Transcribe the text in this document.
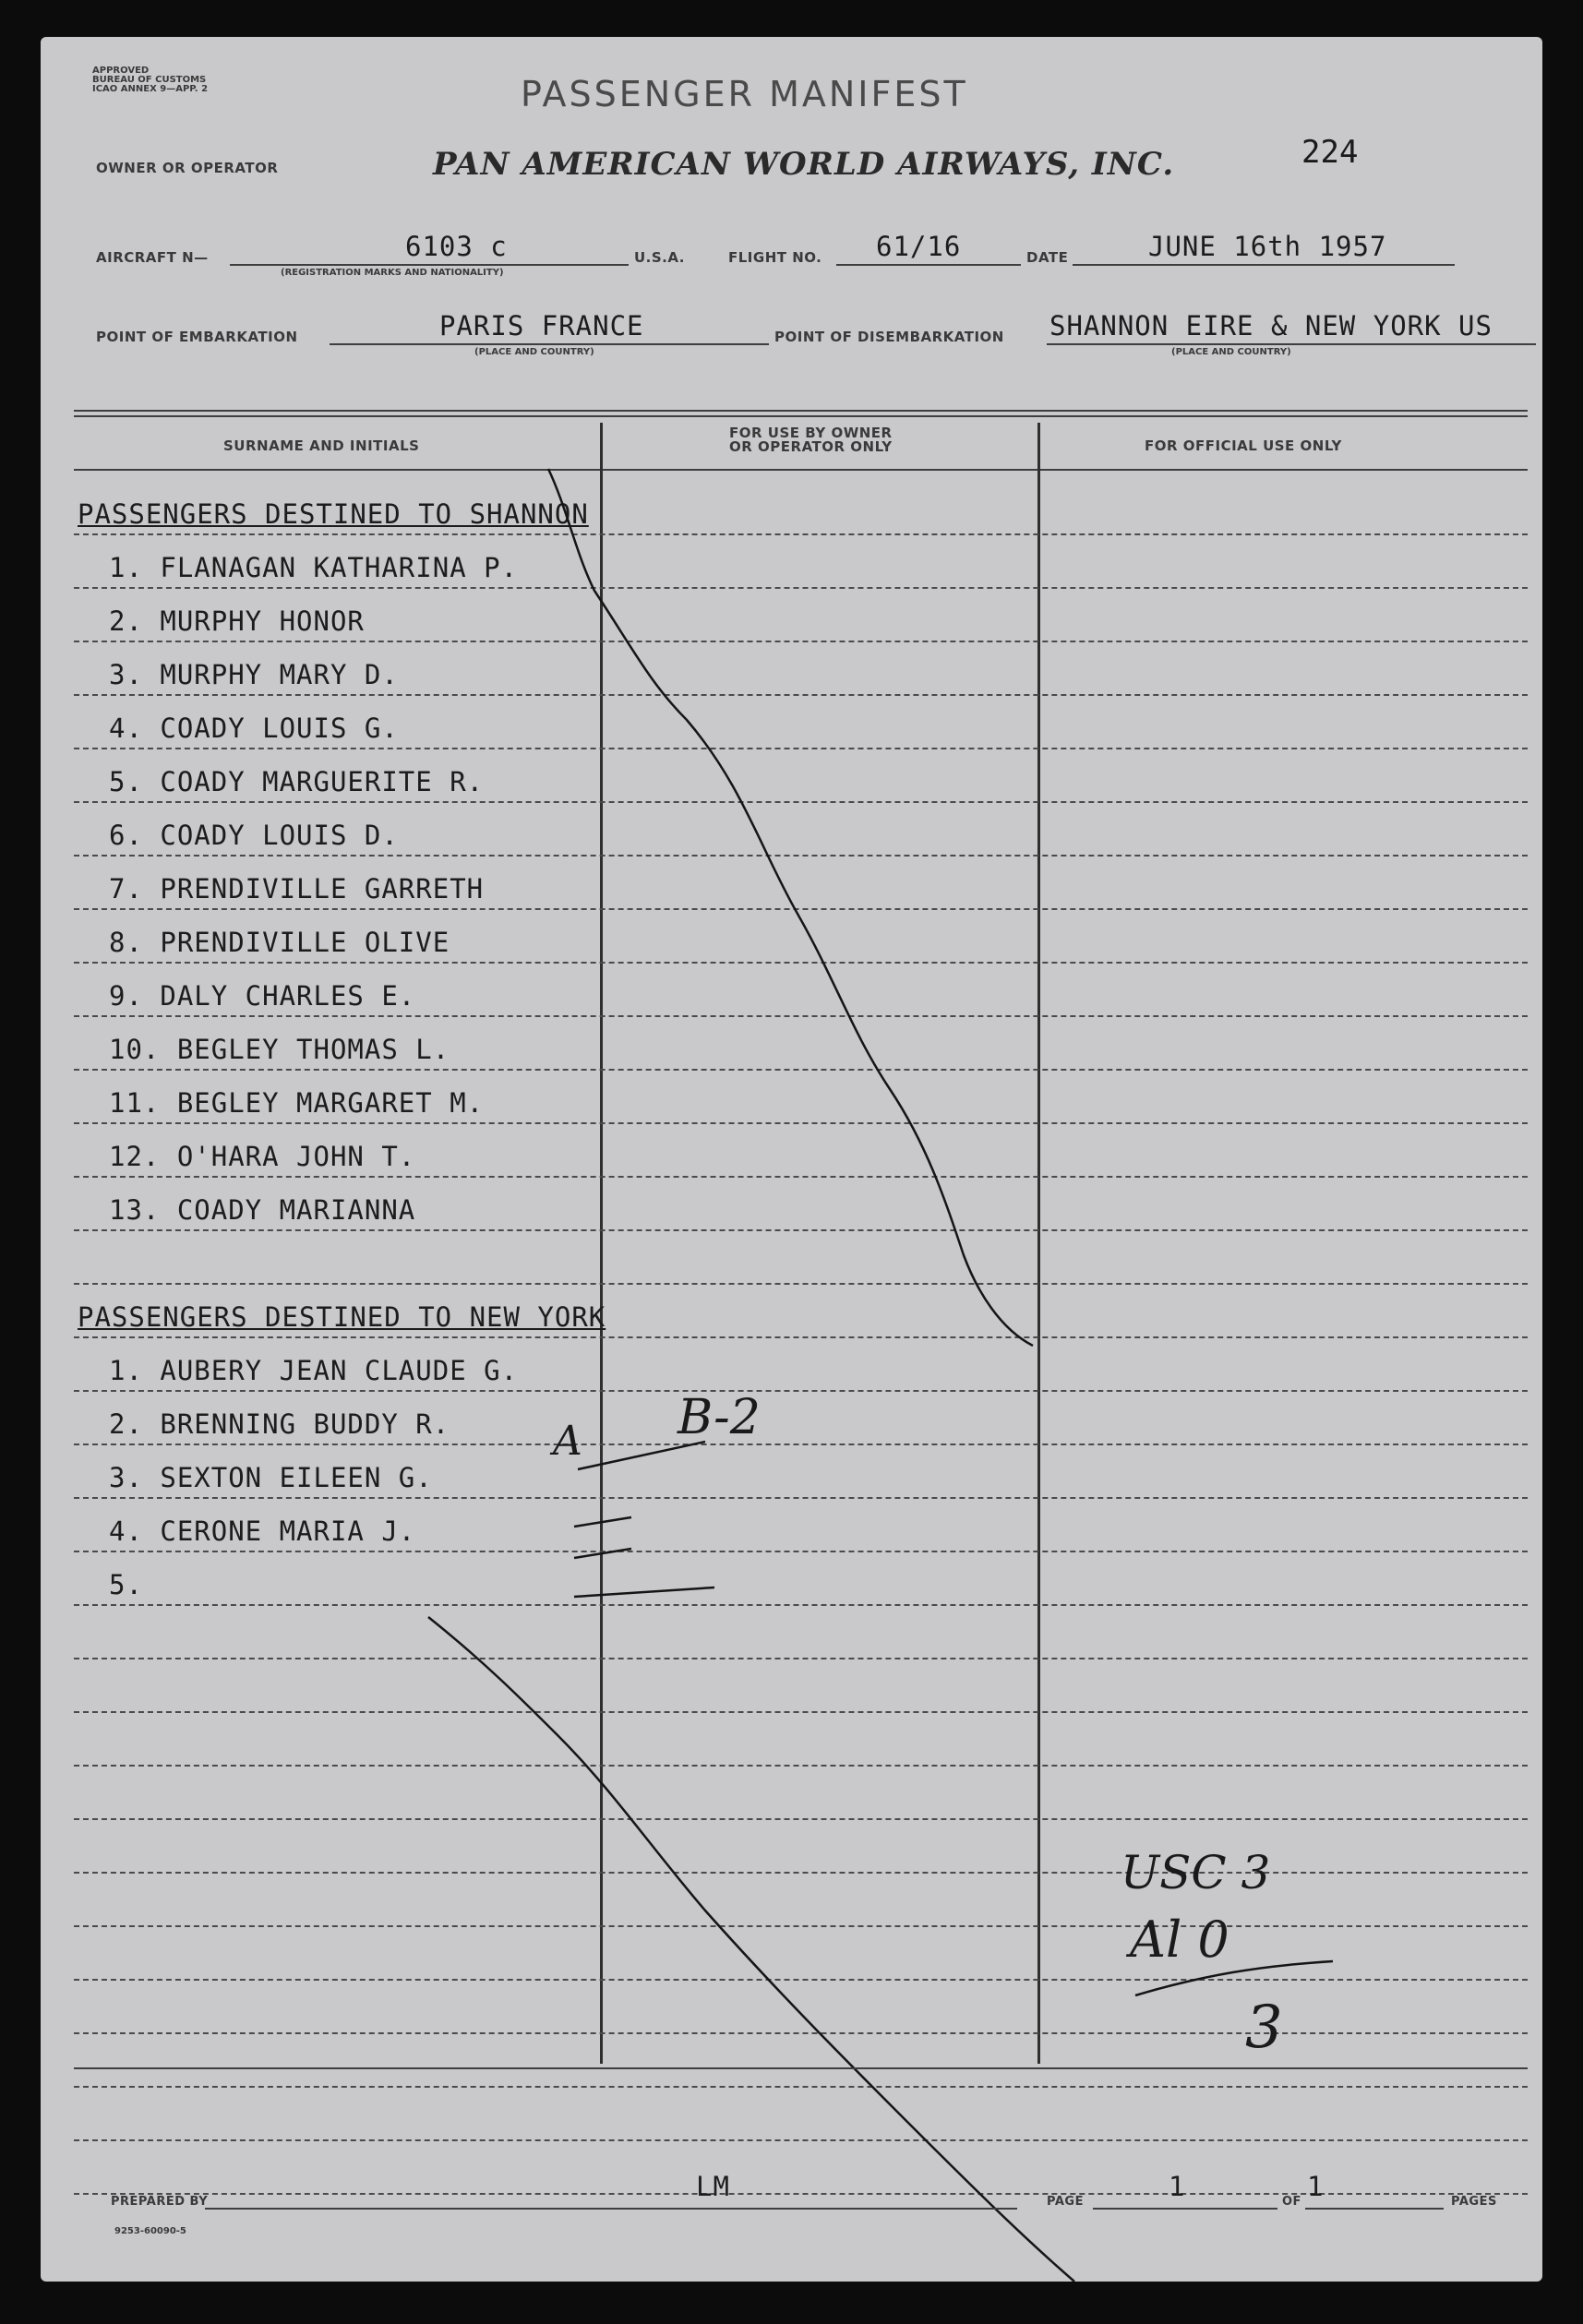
APPROVED
BUREAU OF CUSTOMS
ICAO ANNEX 9—APP. 2	PASSENGER MANIFEST
224
OWNER OR OPERATOR	PAN AMERICAN WORLD AIRWAYS, INC.
AIRCRAFT N—	6103 c
(REGISTRATION MARKS AND NATIONALITY)
U.S.A.	FLIGHT NO. 61/16	DATE	JUNE 16th 1957
POINT OF EMBARKATION	PARIS FRANCE
(PLACE AND COUNTRY)
POINT OF DISEMBARKATION SHANNON EIRE & NEW YORK US
(PLACE AND COUNTRY)
SURNAME AND INITIALS
FOR USE BY OWNER
OR OPERATOR ONLY	FOR OFFICIAL USE ONLY
PASSENGERS DESTINED TO SHANNON
1. FLANAGAN KATHARINA P.
2. MURPHY HONOR
3. MURPHY MARY D.
4. COADY LOUIS G.
5. COADY MARGUERITE R.
6. COADY LOUIS D.
7. PRENDIVILLE GARRETH
8. PRENDIVILLE OLIVE
9. DALY CHARLES E.
10. BEGLEY THOMAS L.
11. BEGLEY MARGARET M.
12. O'HARA JOHN T.
13. COADY MARIANNA
PASSENGERS DESTINED TO NEW YORK
1. AUBERY JEAN CLAUDE G.
2. BRENNING BUDDY R.
3. SEXTON EILEEN G.
4. CERONE MARIA J.
5.
A B-2
USC 3
Al 0
3
PREPARED BY	LM	PAGE	1	OF 1	PAGES
9253-60090-5
